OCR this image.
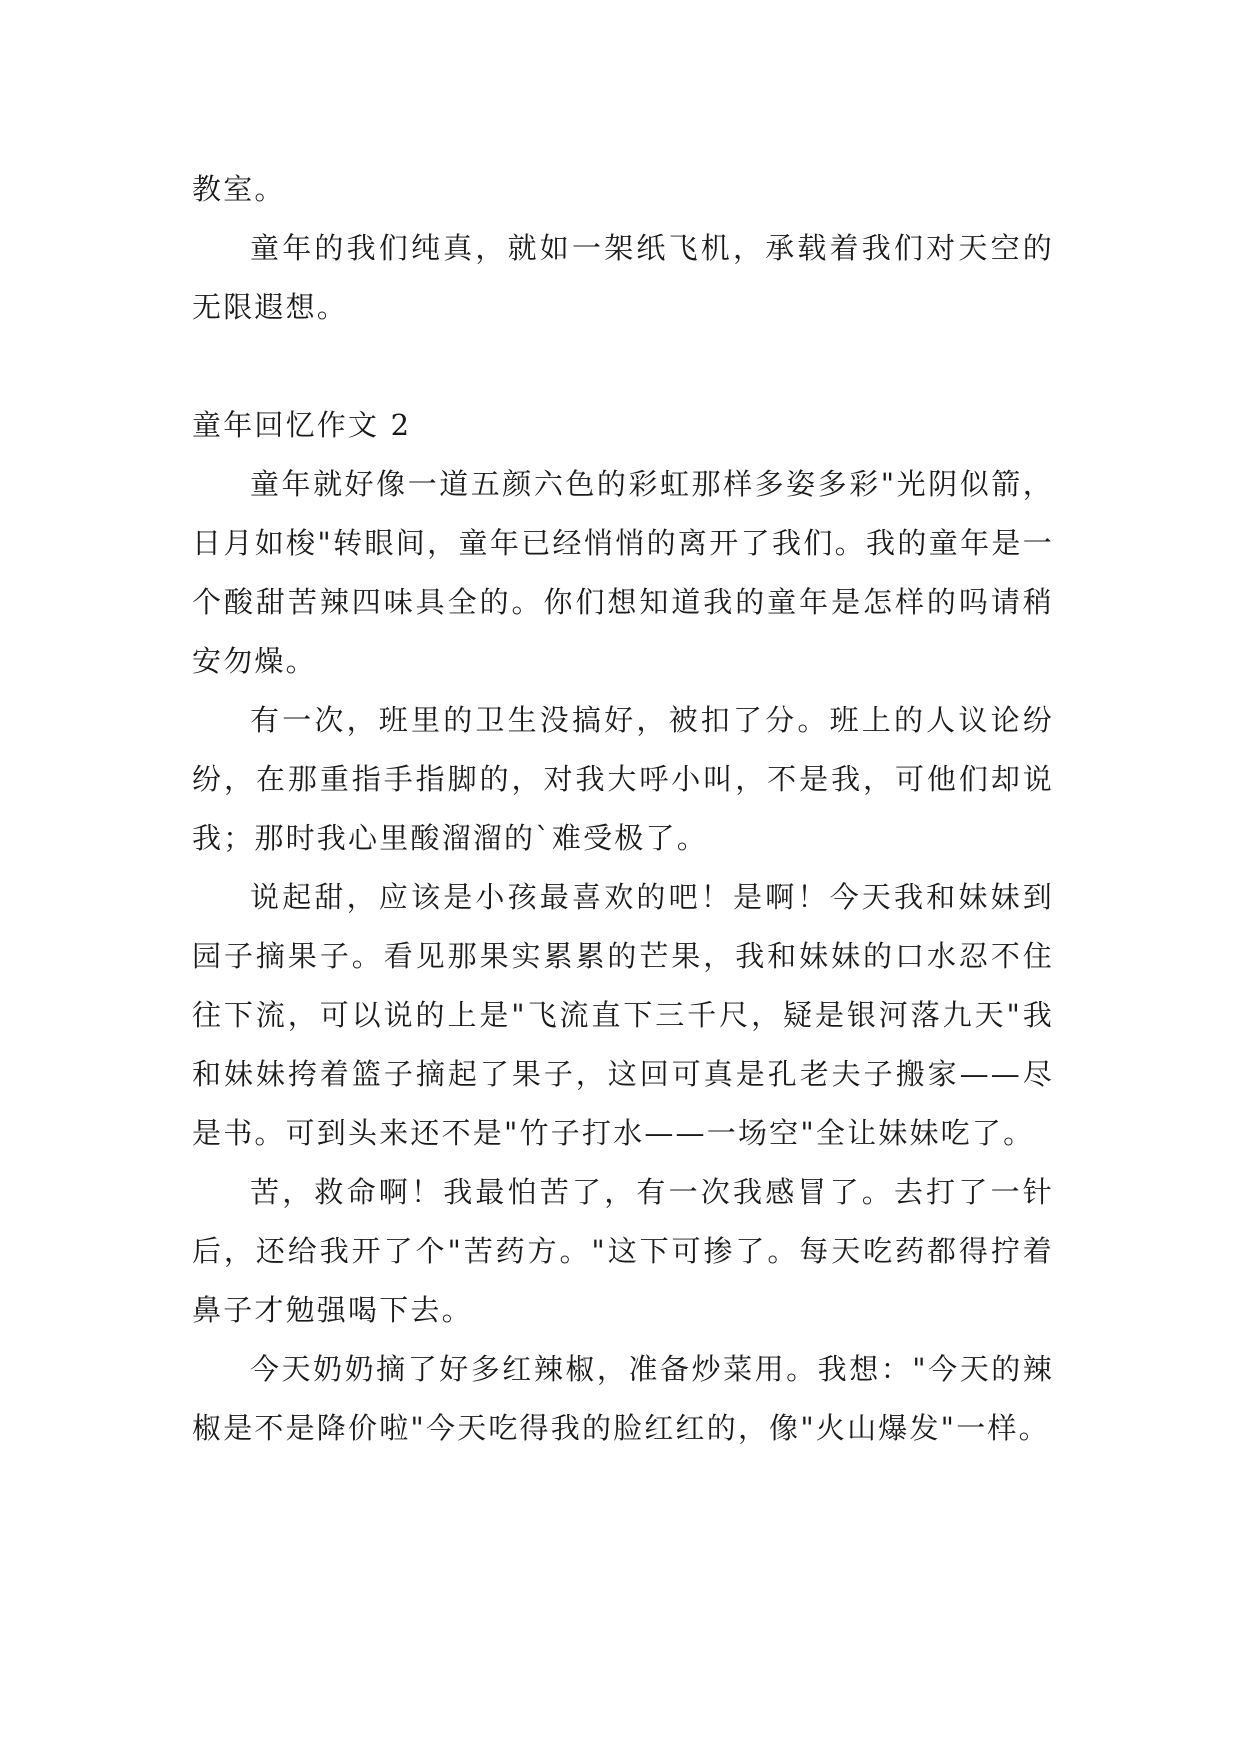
教室。

童年的我们纯真，就如一架纸飞机，承载着我们对天空的无限遐想。

童年回忆作文 2

童年就好像一道五颜六色的彩虹那样多姿多彩"光阴似箭，日月如梭"转眼间，童年已经悄悄的离开了我们。我的童年是一个酸甜苦辣四味具全的。你们想知道我的童年是怎样的吗请稍安勿燥。

有一次，班里的卫生没搞好，被扣了分。班上的人议论纷纷，在那重指手指脚的，对我大呼小叫，不是我，可他们却说我；那时我心里酸溜溜的`难受极了。

说起甜，应该是小孩最喜欢的吧！是啊！今天我和妹妹到园子摘果子。看见那果实累累的芒果，我和妹妹的口水忍不住往下流，可以说的上是"飞流直下三千尺，疑是银河落九天"我和妹妹挎着篮子摘起了果子，这回可真是孔老夫子搬家——尽是书。可到头来还不是"竹子打水——一场空"全让妹妹吃了。

苦，救命啊！我最怕苦了，有一次我感冒了。去打了一针后，还给我开了个"苦药方。"这下可掺了。每天吃药都得拧着鼻子才勉强喝下去。

今天奶奶摘了好多红辣椒，准备炒菜用。我想："今天的辣椒是不是降价啦"今天吃得我的脸红红的，像"火山爆发"一样。
